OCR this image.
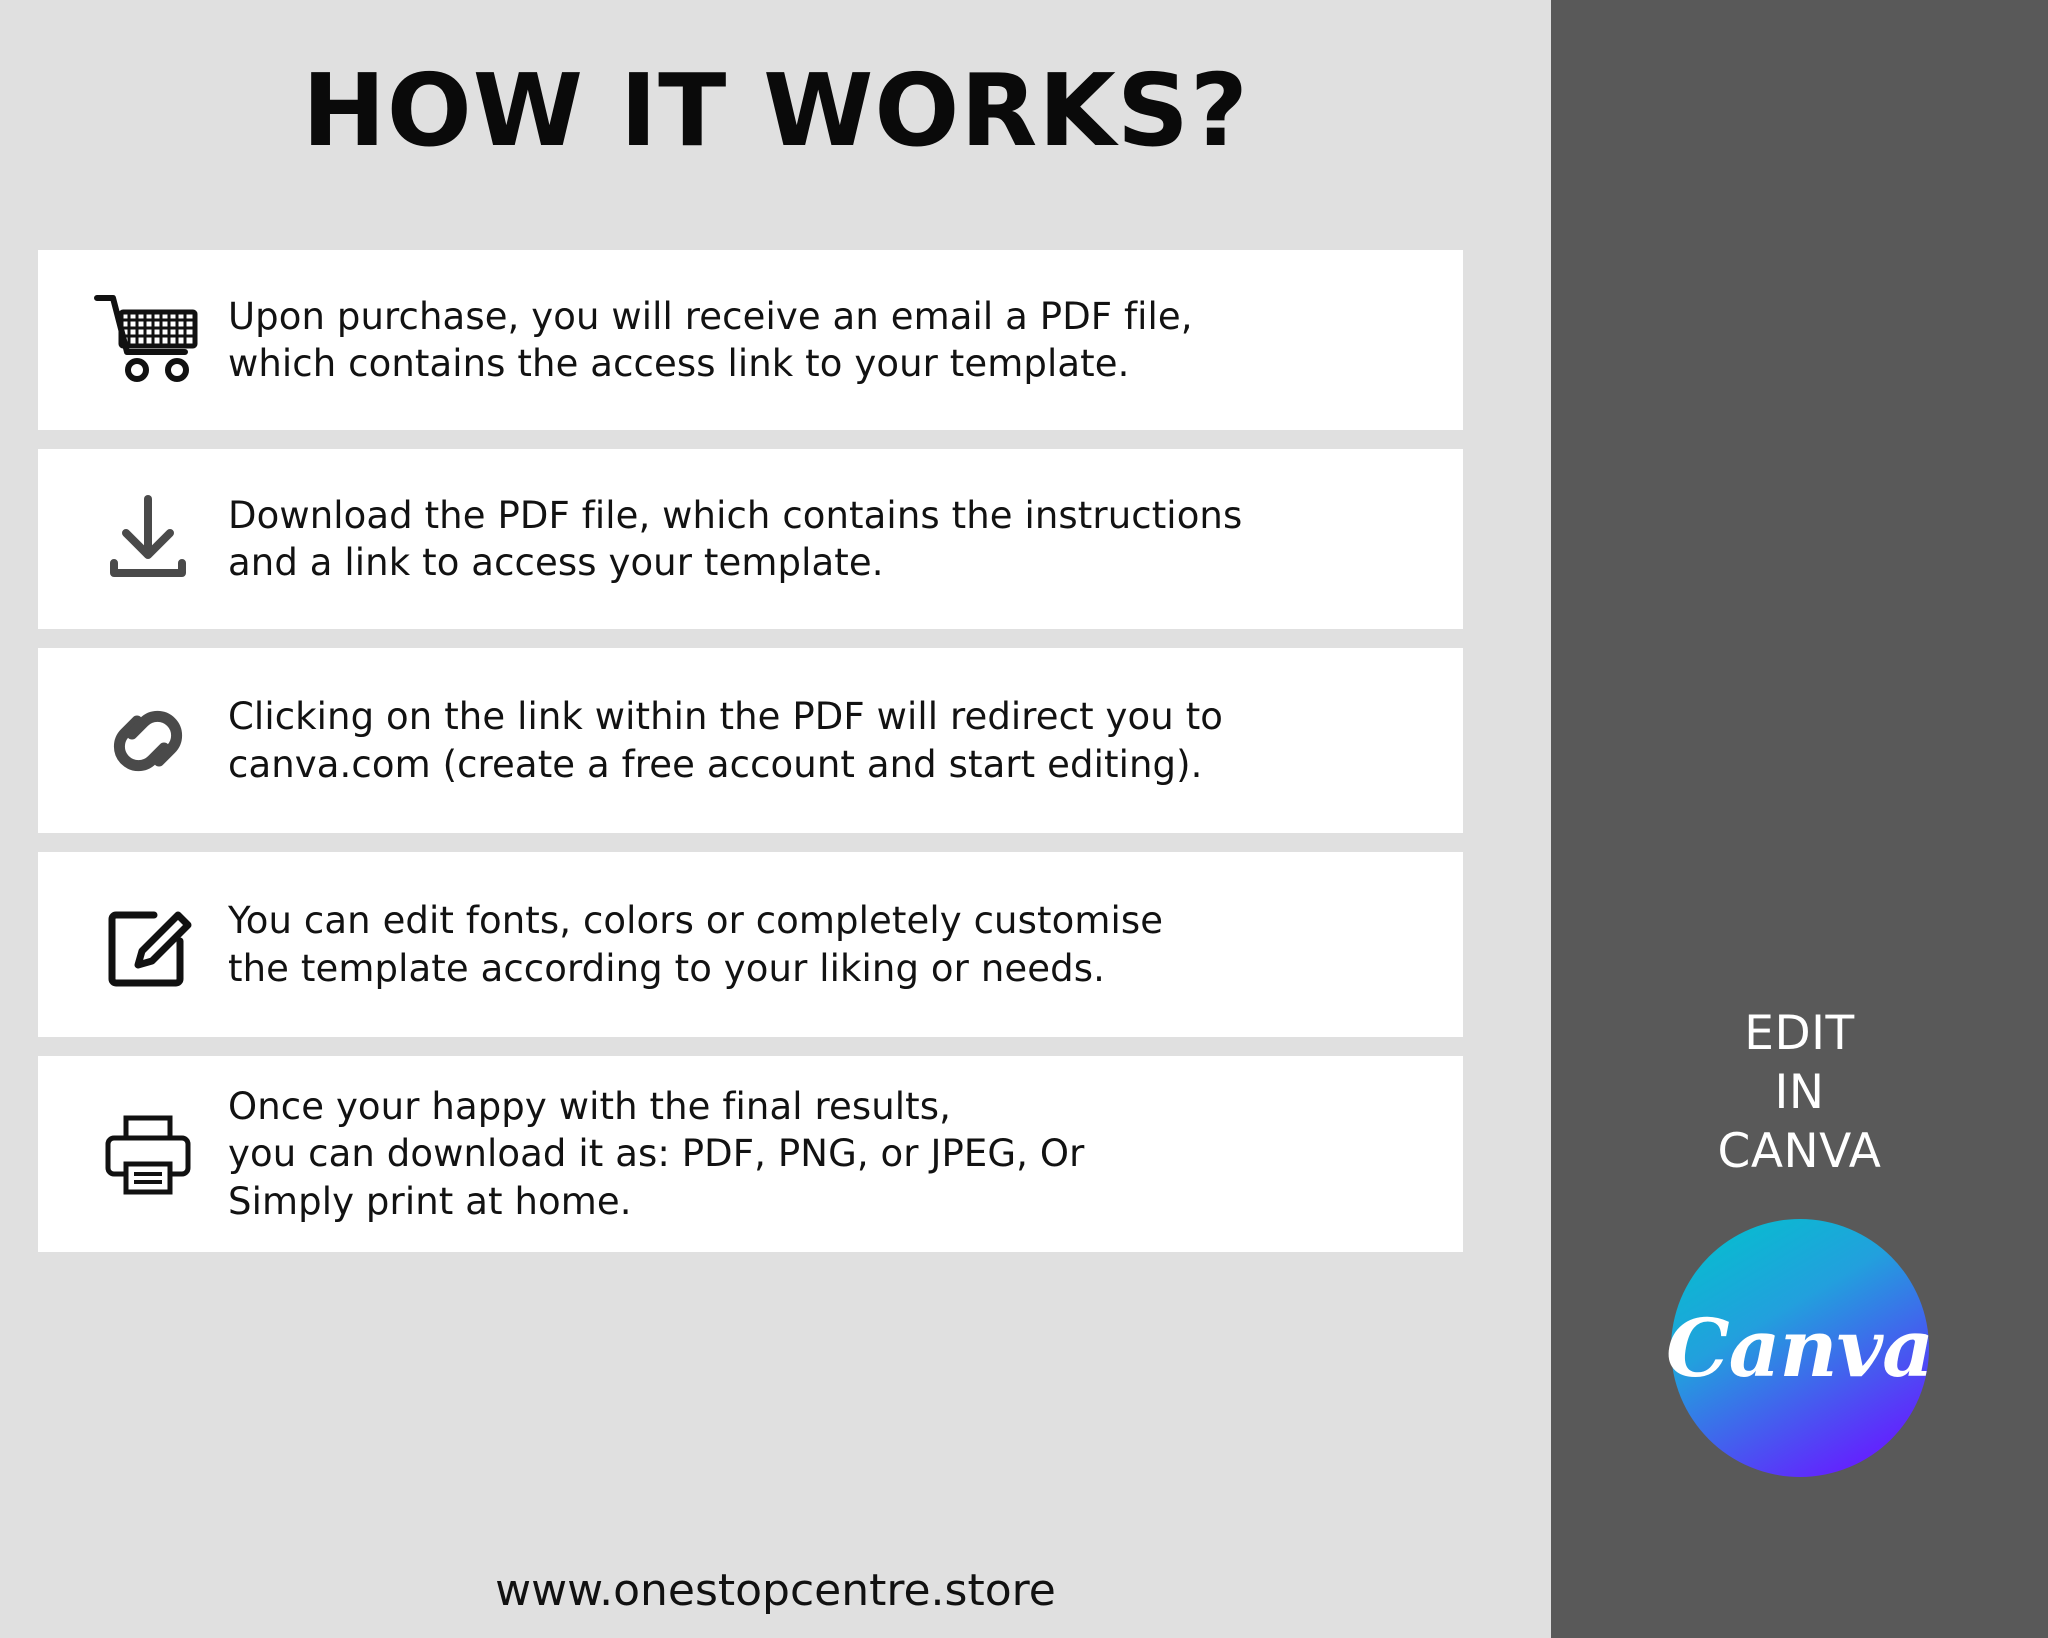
HOW IT WORKS?
Upon purchase, you will receive an email a PDF file,
which contains the access link to your template.
Download the PDF file, which contains the instructions
and a link to access your template.
Clicking on the link within the PDF will redirect you to
canva.com (create a free account and start editing).
You can edit fonts, colors or completely customise
the template according to your liking or needs.
Once your happy with the final results,
you can download it as: PDF, PNG, or JPEG, Or
Simply print at home.
www.onestopcentre.store
EDIT
IN
CANVA
Canva
